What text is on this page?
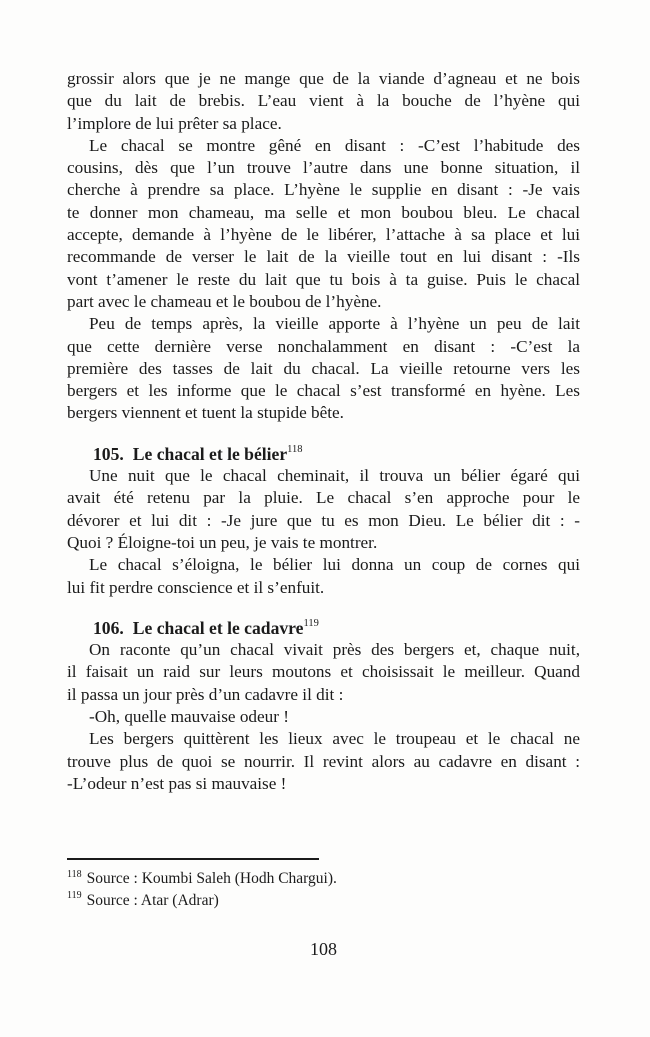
grossir alors que je ne mange que de la viande d’agneau et ne bois
que du lait de brebis. L’eau vient à la bouche de l’hyène qui
l’implore de lui prêter sa place.
Le chacal se montre gêné en disant : -C’est l’habitude des
cousins, dès que l’un trouve l’autre dans une bonne situation, il
cherche à prendre sa place. L’hyène le supplie en disant : -Je vais
te donner mon chameau, ma selle et mon boubou bleu. Le chacal
accepte, demande à l’hyène de le libérer, l’attache à sa place et lui
recommande de verser le lait de la vieille tout en lui disant : -Ils
vont t’amener le reste du lait que tu bois à ta guise. Puis le chacal
part avec le chameau et le boubou de l’hyène.
Peu de temps après, la vieille apporte à l’hyène un peu de lait
que cette dernière verse nonchalamment en disant : -C’est la
première des tasses de lait du chacal. La vieille retourne vers les
bergers et les informe que le chacal s’est transformé en hyène. Les
bergers viennent et tuent la stupide bête.
105. Le chacal et le bélier$^{118}$
Une nuit que le chacal cheminait, il trouva un bélier égaré qui
avait été retenu par la pluie. Le chacal s’en approche pour le
dévorer et lui dit : -Je jure que tu es mon Dieu. Le bélier dit : -
Quoi ? Éloigne-toi un peu, je vais te montrer.
Le chacal s’éloigna, le bélier lui donna un coup de cornes qui
lui fit perdre conscience et il s’enfuit.
106. Le chacal et le cadavre$^{119}$
On raconte qu’un chacal vivait près des bergers et, chaque nuit,
il faisait un raid sur leurs moutons et choisissait le meilleur. Quand
il passa un jour près d’un cadavre il dit :
-Oh, quelle mauvaise odeur !
Les bergers quittèrent les lieux avec le troupeau et le chacal ne
trouve plus de quoi se nourrir. Il revint alors au cadavre en disant :
-L’odeur n’est pas si mauvaise !
$^{118}$ Source : Koumbi Saleh (Hodh Chargui).
$^{119}$ Source : Atar (Adrar)
108
